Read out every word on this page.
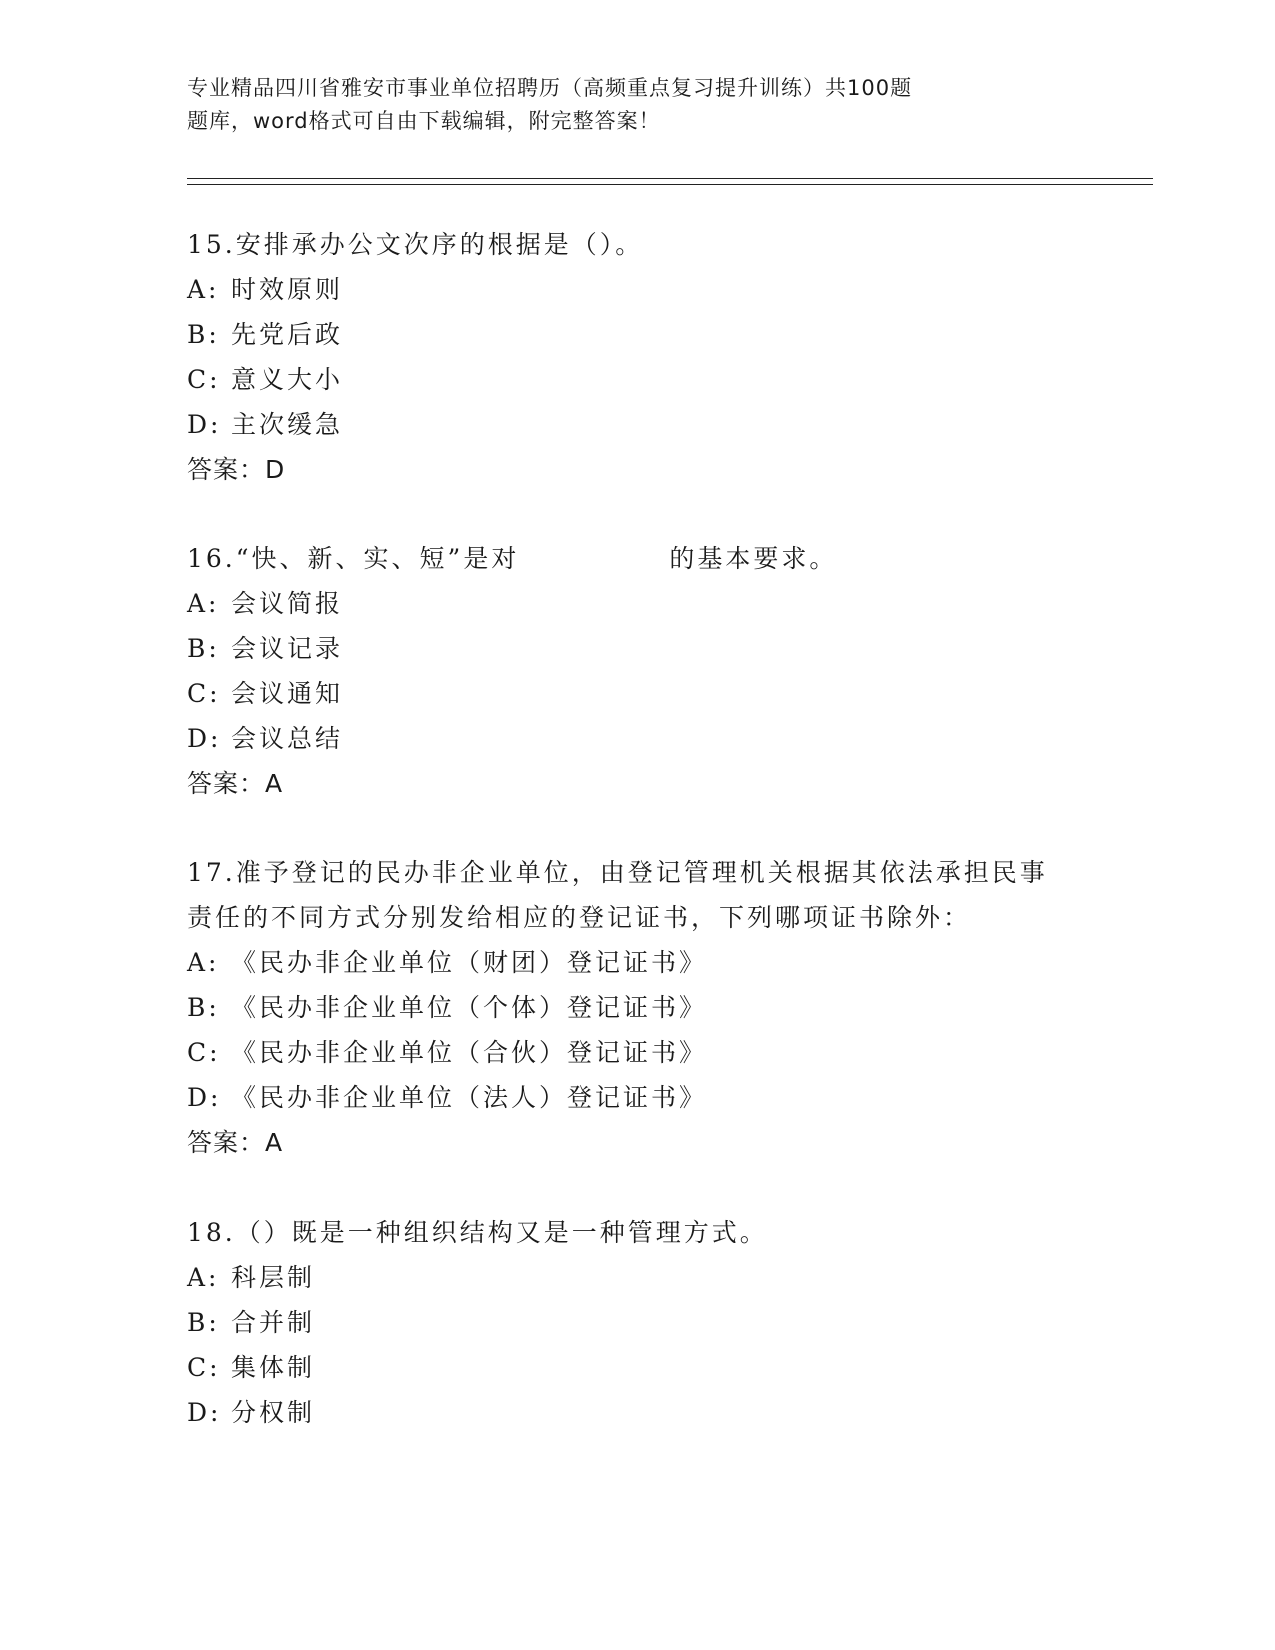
专业精品四川省雅安市事业单位招聘历（高频重点复习提升训练）共100题
题库，word格式可自由下载编辑，附完整答案！
15.安排承办公文次序的根据是（）。
A: 时效原则
B: 先党后政
C: 意义大小
D: 主次缓急
答案：D
16.“快、新、实、短”是对	的基本要求。
A: 会议简报
B: 会议记录
C: 会议通知
D: 会议总结
答案：A
17.准予登记的民办非企业单位，由登记管理机关根据其依法承担民事
责任的不同方式分别发给相应的登记证书，下列哪项证书除外：
A: 《民办非企业单位（财团）登记证书》
B: 《民办非企业单位（个体）登记证书》
C: 《民办非企业单位（合伙）登记证书》
D: 《民办非企业单位（法人）登记证书》
答案：A
18.（）既是一种组织结构又是一种管理方式。
A: 科层制
B: 合并制
C: 集体制
D: 分权制
